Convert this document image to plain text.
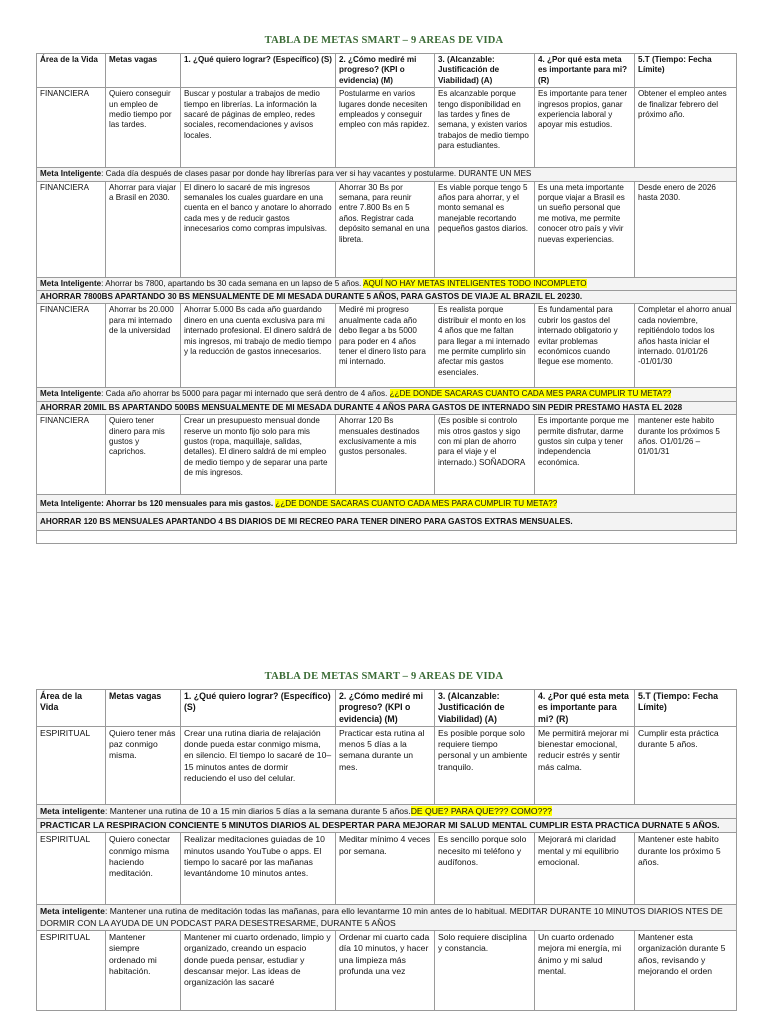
TABLA DE METAS SMART – 9 AREAS DE VIDA
Área de la Vida	Metas vagas	1. ¿Qué quiero lograr? (Específico) (S)	2. ¿Cómo mediré mi progreso? (KPI o evidencia) (M)	3. (Alcanzable: Justificación de Viabilidad) (A)	4. ¿Por qué esta meta es importante para mi? (R)	5.T (Tiempo: Fecha Límite)
FINANCIERA	Quiero conseguir un empleo de medio tiempo por las tardes.	Buscar y postular a trabajos de medio tiempo en librerías. La información la sacaré de páginas de empleo, redes sociales, recomendaciones y avisos locales.	Postularme en varios lugares donde necesiten empleados y conseguir empleo con más rapidez.	Es alcanzable porque tengo disponibilidad en las tardes y fines de semana, y existen varios trabajos de medio tiempo para estudiantes.	Es importante para tener ingresos propios, ganar experiencia laboral y apoyar mis estudios.	Obtener el empleo antes de finalizar febrero del próximo año.
Meta Inteligente: Cada día después de clases pasar por donde hay librerías para ver si hay vacantes y postularme. DURANTE UN MES						
FINANCIERA	Ahorrar para viajar a Brasil en 2030.	El dinero lo sacaré de mis ingresos semanales los cuales guardare en una cuenta en el banco y anotare lo ahorrado cada mes y de reducir gastos innecesarios como compras impulsivas.	Ahorrar 30 Bs por semana, para reunir entre 7.800 Bs en 5 años. Registrar cada depósito semanal en una libreta.	Es viable porque tengo 5 años para ahorrar, y el monto semanal es manejable recortando pequeños gastos diarios.	Es una meta importante porque viajar a Brasil es un sueño personal que me motiva, me permite conocer otro país y vivir nuevas experiencias.	Desde enero de 2026 hasta 2030.
Meta Inteligente: Ahorrar bs 7800, apartando bs 30 cada semana en un lapso de 5 años. AQUÍ NO HAY METAS INTELIGENTES TODO INCOMPLETO						
AHORRAR 7800BS APARTANDO 30 BS MENSUALMENTE DE MI MESADA DURANTE 5 AÑOS, PARA GASTOS DE VIAJE AL BRAZIL EL 20230.						
FINANCIERA	Ahorrar bs 20.000 para mi internado de la universidad	Ahorrar 5.000 Bs cada año guardando dinero en una cuenta exclusiva para mi internado profesional. El dinero saldrá de mis ingresos, mi trabajo de medio tiempo y la reducción de gastos innecesarios.	Mediré mi progreso anualmente cada año debo llegar a bs 5000 para poder en 4 años tener el dinero listo para mi internado.	Es realista porque distribuir el monto en los 4 años que me faltan para llegar a mi internado me permite cumplirlo sin afectar mis gastos esenciales.	Es fundamental para cubrir los gastos del internado obligatorio y evitar problemas económicos cuando llegue ese momento.	Completar el ahorro anual cada noviembre, repitiéndolo todos los años hasta iniciar el internado. 01/01/26 -01/01/30
Meta Inteligente: Cada año ahorrar bs 5000 para pagar mi internado que será dentro de 4 años. ¿¿DE DONDE SACARAS CUANTO CADA MES PARA CUMPLIR TU META??						
AHORRAR 20MIL BS APARTANDO 500BS MENSUALMENTE DE MI MESADA DURANTE 4 AÑOS PARA GASTOS DE INTERNADO SIN PEDIR PRESTAMO HASTA EL 2028						
FINANCIERA	Quiero tener dinero para mis gustos y caprichos.	Crear un presupuesto mensual donde reserve un monto fijo solo para mis gustos (ropa, maquillaje, salidas, detalles). El dinero saldrá de mi empleo de medio tiempo y de separar una parte de mis ingresos.	Ahorrar 120 Bs mensuales destinados exclusivamente a mis gustos personales.	(Es posible si controlo mis otros gastos y sigo con mi plan de ahorro para el viaje y el internado.) SOÑADORA	Es importante porque me permite disfrutar, darme gustos sin culpa y tener independencia económica.	mantener este habito durante los próximos 5 años. O1/01/26 – 01/01/31
Meta Inteligente: Ahorrar bs 120 mensuales para mis gastos. ¿¿DE DONDE SACARAS CUANTO CADA MES PARA CUMPLIR TU META??						
AHORRAR 120 BS MENSUALES APARTANDO 4 BS DIARIOS DE MI RECREO PARA TENER DINERO PARA GASTOS EXTRAS MENSUALES.						

TABLA DE METAS SMART – 9 AREAS DE VIDA
Área de la Vida	Metas vagas	1. ¿Qué quiero lograr? (Específico) (S)	2. ¿Cómo mediré mi progreso? (KPI o evidencia) (M)	3. (Alcanzable: Justificación de Viabilidad) (A)	4. ¿Por qué esta meta es importante para mi? (R)	5.T (Tiempo: Fecha Límite)
ESPIRITUAL	Quiero tener más paz conmigo misma.	Crear una rutina diaria de relajación donde pueda estar conmigo misma, en silencio. El tiempo lo sacaré de 10–15 minutos antes de dormir reduciendo el uso del celular.	Practicar esta rutina al menos 5 días a la semana durante un mes.	Es posible porque solo requiere tiempo personal y un ambiente tranquilo.	Me permitirá mejorar mi bienestar emocional, reducir estrés y sentir más calma.	Cumplir esta práctica durante 5 años.
Meta inteligente: Mantener una rutina de 10 a 15 min diarios 5 días a la semana durante 5 años.DE QUE? PARA QUE??? COMO???						
PRACTICAR LA RESPIRACION CONCIENTE 5 MINUTOS DIARIOS AL DESPERTAR PARA MEJORAR MI SALUD MENTAL CUMPLIR ESTA PRACTICA DURNATE 5 AÑOS.						
ESPIRITUAL	Quiero conectar conmigo misma haciendo meditación.	Realizar meditaciones guiadas de 10 minutos usando YouTube o apps. El tiempo lo sacaré por las mañanas levantándome 10 minutos antes.	Meditar mínimo 4 veces por semana.	Es sencillo porque solo necesito mi teléfono y audífonos.	Mejorará mi claridad mental y mi equilibrio emocional.	Mantener este habito durante los próximo 5 años.
Meta inteligente: Mantener una rutina de meditación todas las mañanas, para ello levantarme 10 min antes de lo habitual. MEDITAR DURANTE 10 MINUTOS DIARIOS NTES DE DORMIR CON LA AYUDA DE UN PODCAST PARA DESESTRESARME, DURANTE 5 AÑOS						
ESPIRITUAL	Mantener siempre ordenado mi habitación.	Mantener mi cuarto ordenado, limpio y organizado, creando un espacio donde pueda pensar, estudiar y descansar mejor. Las ideas de organización las sacaré	Ordenar mi cuarto cada día 10 minutos, y hacer una limpieza más profunda una vez	Solo requiere disciplina y constancia.	Un cuarto ordenado mejora mi energía, mi ánimo y mi salud mental.	Mantener esta organización durante 5 años, revisando y mejorando el orden
